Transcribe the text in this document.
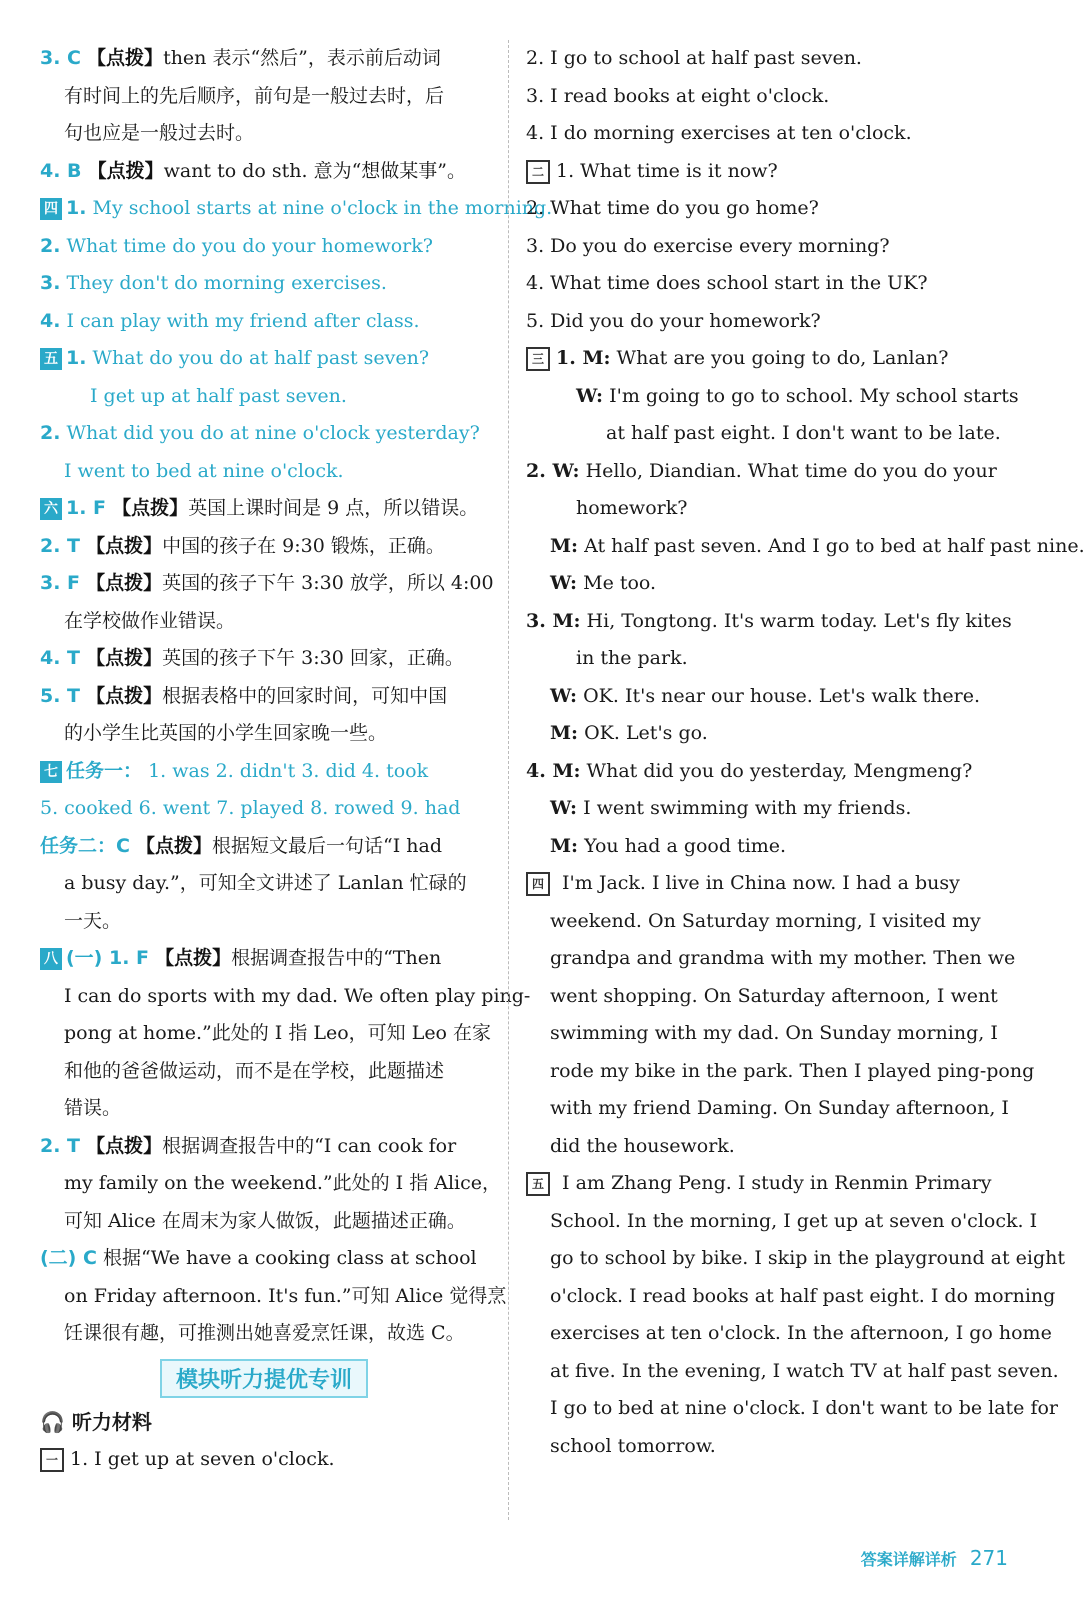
3. C 【点拨】then 表示“然后”，表示前后动词
有时间上的先后顺序，前句是一般过去时，后
句也应是一般过去时。
4. B 【点拨】want to do sth. 意为“想做某事”。
四 1. My school starts at nine o'clock in the morning.
2. What time do you do your homework?
3. They don't do morning exercises.
4. I can play with my friend after class.
五 1. What do you do at half past seven?
I get up at half past seven.
2. What did you do at nine o'clock yesterday?
I went to bed at nine o'clock.
六 1. F 【点拨】英国上课时间是 9 点，所以错误。
2. T 【点拨】中国的孩子在 9:30 锻炼，正确。
3. F 【点拨】英国的孩子下午 3:30 放学，所以 4:00
在学校做作业错误。
4. T 【点拨】英国的孩子下午 3:30 回家，正确。
5. T 【点拨】根据表格中的回家时间，可知中国
的小学生比英国的小学生回家晚一些。
七 任务一： 1. was 2. didn't 3. did 4. took
5. cooked 6. went 7. played 8. rowed 9. had
任务二：C 【点拨】根据短文最后一句话“I had
a busy day.”，可知全文讲述了 Lanlan 忙碌的
一天。
八 (一) 1. F 【点拨】根据调查报告中的“Then
I can do sports with my dad. We often play ping-
pong at home.”此处的 I 指 Leo，可知 Leo 在家
和他的爸爸做运动，而不是在学校，此题描述
错误。
2. T 【点拨】根据调查报告中的“I can cook for
my family on the weekend.”此处的 I 指 Alice，
可知 Alice 在周末为家人做饭，此题描述正确。
(二) C 根据“We have a cooking class at school
on Friday afternoon. It's fun.”可知 Alice 觉得烹
饪课很有趣，可推测出她喜爱烹饪课，故选 C。
模块听力提优专训
🎧 听力材料
一 1. I get up at seven o'clock.
2. I go to school at half past seven.
3. I read books at eight o'clock.
4. I do morning exercises at ten o'clock.
二 1. What time is it now?
2. What time do you go home?
3. Do you do exercise every morning?
4. What time does school start in the UK?
5. Did you do your homework?
三 1. M: What are you going to do, Lanlan?
W: I'm going to go to school. My school starts
at half past eight. I don't want to be late.
2. W: Hello, Diandian. What time do you do your
homework?
M: At half past seven. And I go to bed at half past nine.
W: Me too.
3. M: Hi, Tongtong. It's warm today. Let's fly kites
in the park.
W: OK. It's near our house. Let's walk there.
M: OK. Let's go.
4. M: What did you do yesterday, Mengmeng?
W: I went swimming with my friends.
M: You had a good time.
四 I'm Jack. I live in China now. I had a busy
weekend. On Saturday morning, I visited my
grandpa and grandma with my mother. Then we
went shopping. On Saturday afternoon, I went
swimming with my dad. On Sunday morning, I
rode my bike in the park. Then I played ping-pong
with my friend Daming. On Sunday afternoon, I
did the housework.
五 I am Zhang Peng. I study in Renmin Primary
School. In the morning, I get up at seven o'clock. I
go to school by bike. I skip in the playground at eight
o'clock. I read books at half past eight. I do morning
exercises at ten o'clock. In the afternoon, I go home
at five. In the evening, I watch TV at half past seven.
I go to bed at nine o'clock. I don't want to be late for
school tomorrow.
答案详解详析 271
